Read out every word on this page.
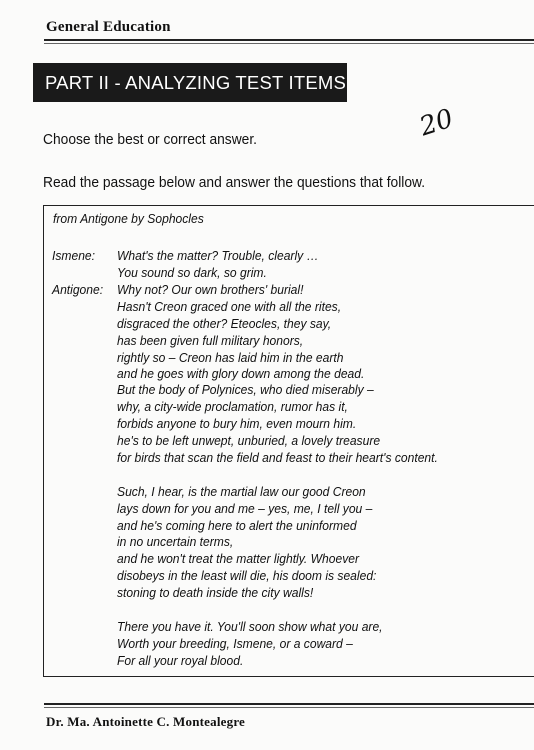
General Education
PART II - ANALYZING TEST ITEMS
20
Choose the best or correct answer.
Read the passage below and answer the questions that follow.
from Antigone by Sophocles
Ismene:
Antigone:
What's the matter? Trouble, clearly …
You sound so dark, so grim.
Why not? Our own brothers' burial!
Hasn't Creon graced one with all the rites,
disgraced the other? Eteocles, they say,
has been given full military honors,
rightly so – Creon has laid him in the earth
and he goes with glory down among the dead.
But the body of Polynices, who died miserably –
why, a city-wide proclamation, rumor has it,
forbids anyone to bury him, even mourn him.
he's to be left unwept, unburied, a lovely treasure
for birds that scan the field and feast to their heart's content.
Such, I hear, is the martial law our good Creon
lays down for you and me – yes, me, I tell you –
and he's coming here to alert the uninformed
in no uncertain terms,
and he won't treat the matter lightly. Whoever
disobeys in the least will die, his doom is sealed:
stoning to death inside the city walls!
There you have it. You'll soon show what you are,
Worth your breeding, Ismene, or a coward –
For all your royal blood.
Dr. Ma. Antoinette C. Montealegre
